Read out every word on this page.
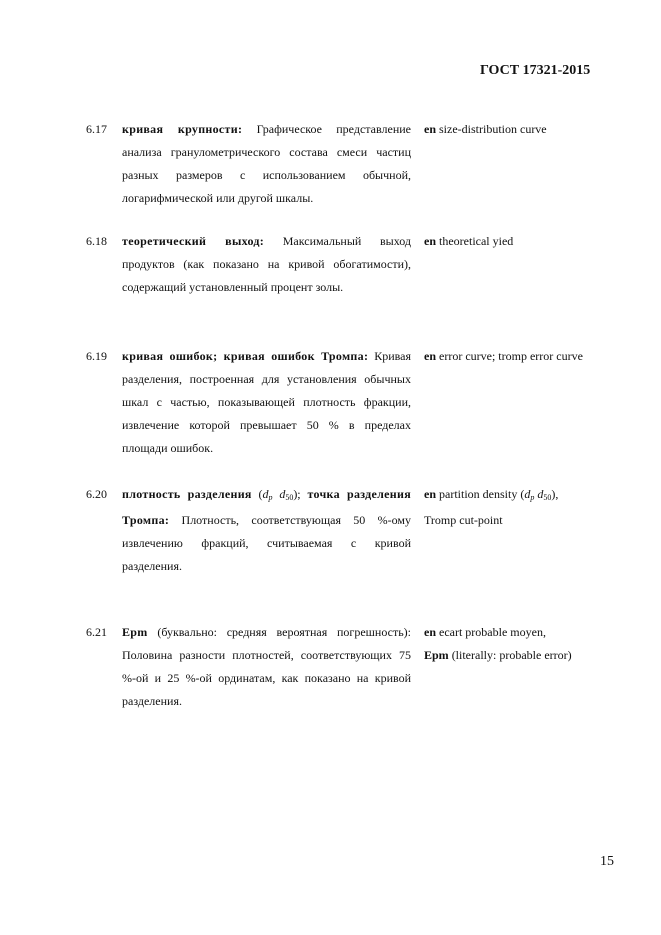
ГОСТ 17321-2015
6.17 кривая крупности: Графическое представление анализа гранулометрического состава смеси частиц разных размеров с использованием обычной, логарифмической или другой шкалы.
en size-distribution curve
6.18 теоретический выход: Максимальный выход продуктов (как показано на кривой обогатимости), содержащий установленный процент золы.
en theoretical yied
6.19 кривая ошибок; кривая ошибок Тромпа: Кривая разделения, построенная для установления обычных шкал с частью, показывающей плотность фракции, извлечение которой превышает 50 % в пределах площади ошибок.
en error curve; tromp error curve
6.20 плотность разделения ($d_p$ $d_{50}$); точка разделения Тромпа: Плотность, соответствующая 50 %-ому извлечению фракций, считываемая с кривой разделения.
en partition density ($d_p$ $d_{50}$),
Tromp cut-point
6.21 Epm (буквально: средняя вероятная погрешность): Половина разности плотностей, соответствующих 75 %-ой и 25 %-ой ординатам, как показано на кривой разделения.
en ecart probable moyen,
Epm (literally: probable error)
15
